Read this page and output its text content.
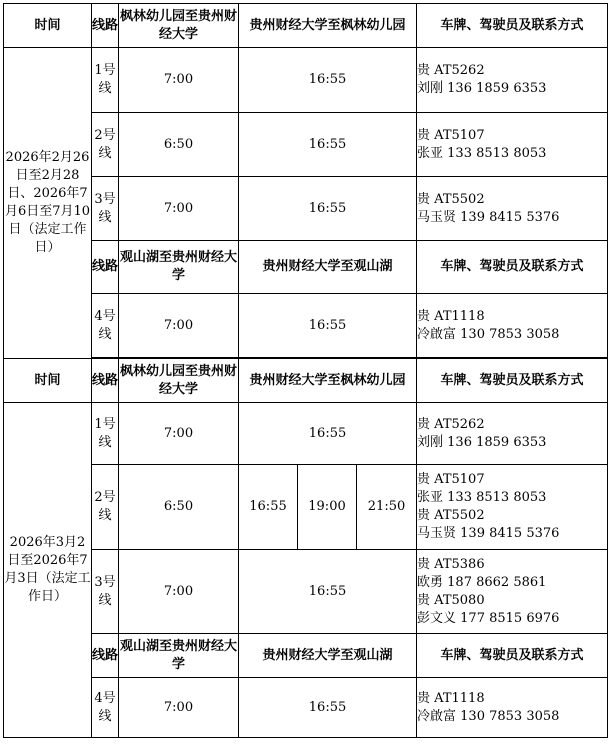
时间	线路	枫林幼儿园至贵州财经大学	贵州财经大学至枫林幼儿园			车牌、驾驶员及联系方式
2026年2月26日至2月28日、2026年7月6日至7月10日（法定工作日）	1号线	7:00	16:55			贵 AT5262
刘刚 136 1859 6353

	2号线	6:50	16:55			贵 AT5107
张亚 133 8513 8053

	3号线	7:00	16:55			贵 AT5502
马玉贤 139 8415 5376

	线路	观山湖至贵州财经大学	贵州财经大学至观山湖			车牌、驾驶员及联系方式
	4号线	7:00	16:55			贵 AT1118
冷啟富 130 7853 3058

时间	线路	枫林幼儿园至贵州财经大学	贵州财经大学至枫林幼儿园			车牌、驾驶员及联系方式
2026年3月2日至2026年7月3日（法定工作日）	1号线	7:00	16:55			贵 AT5262
刘刚 136 1859 6353

	2号线	6:50	16:55	19:00	21:50	贵 AT5107
张亚 133 8513 8053
贵 AT5502
马玉贤 139 8415 5376

	3号线	7:00	16:55			贵 AT5386
欧勇 187 8662 5861
贵 AT5080
彭文义 177 8515 6976

	线路	观山湖至贵州财经大学	贵州财经大学至观山湖			车牌、驾驶员及联系方式
	4号线	7:00	16:55			贵 AT1118
冷啟富 130 7853 3058
